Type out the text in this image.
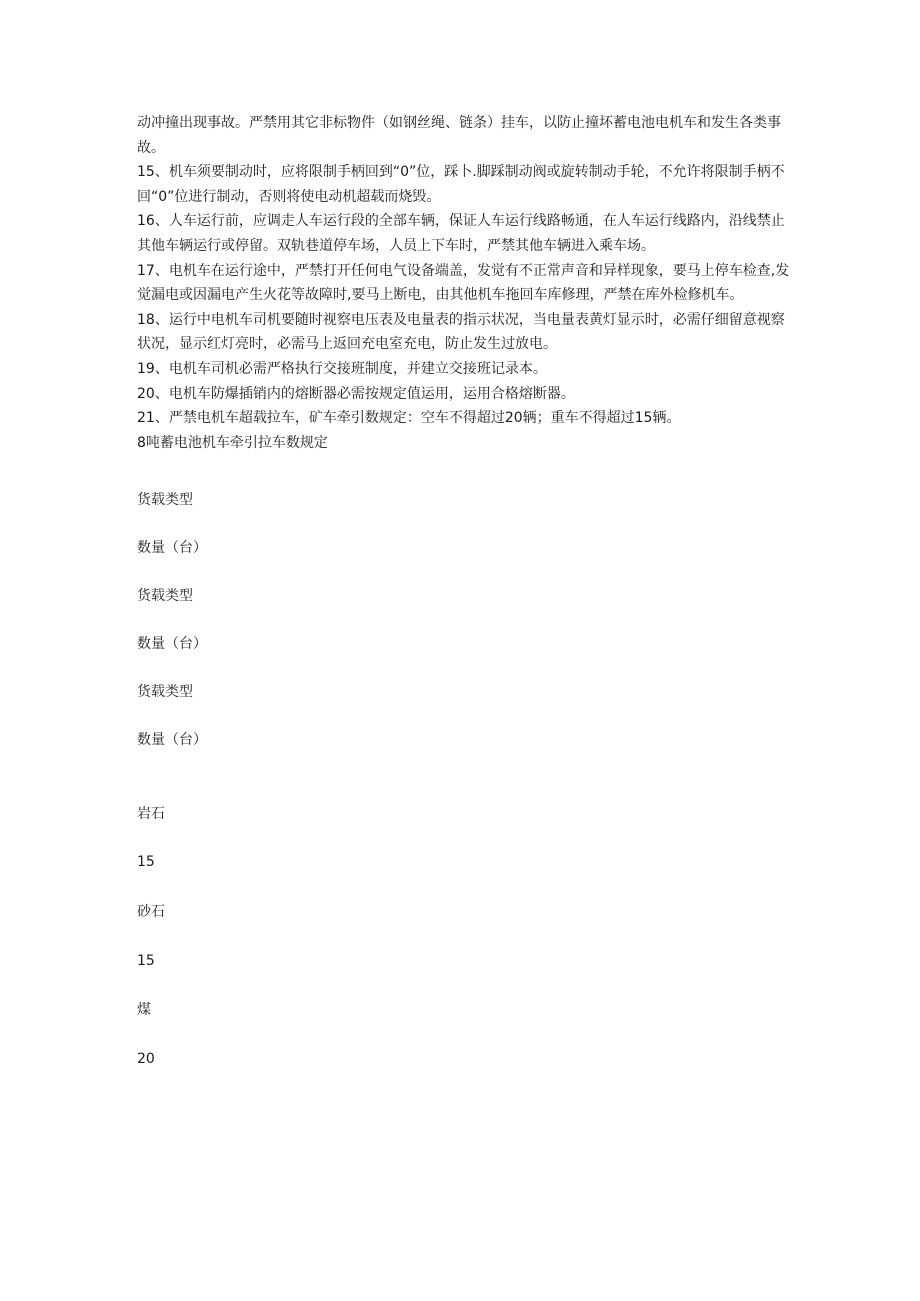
动冲撞出现事故。严禁用其它非标物件（如钢丝绳、链条）挂车，以防止撞坏蓄电池电机车和发生各类事故。

15、机车须要制动时，应将限制手柄回到“0”位，踩卜.脚踩制动阀或旋转制动手轮，不允许将限制手柄不回“0”位进行制动，否则将使电动机超载而烧毁。

16、人车运行前，应调走人车运行段的全部车辆，保证人车运行线路畅通，在人车运行线路内，沿线禁止其他车辆运行或停留。双轨巷道停车场，人员上下车时，严禁其他车辆进入乘车场。

17、电机车在运行途中，严禁打开任何电气设备端盖，发觉有不正常声音和异样现象，要马上停车检查,发觉漏电或因漏电产生火花等故障时,要马上断电，由其他机车拖回车库修理，严禁在库外检修机车。

18、运行中电机车司机要随时视察电压表及电量表的指示状况，当电量表黄灯显示时，必需仔细留意视察状况，显示红灯亮时，必需马上返回充电室充电，防止发生过放电。

19、电机车司机必需严格执行交接班制度，并建立交接班记录本。

20、电机车防爆插销内的熔断器必需按规定值运用，运用合格熔断器。

21、严禁电机车超载拉车，矿车牵引数规定：空车不得超过20辆；重车不得超过15辆。

8吨蓄电池机车牵引拉车数规定

货载类型

数量（台）

货载类型

数量（台）

货载类型

数量（台）

岩石

15

砂石

15

煤

20
